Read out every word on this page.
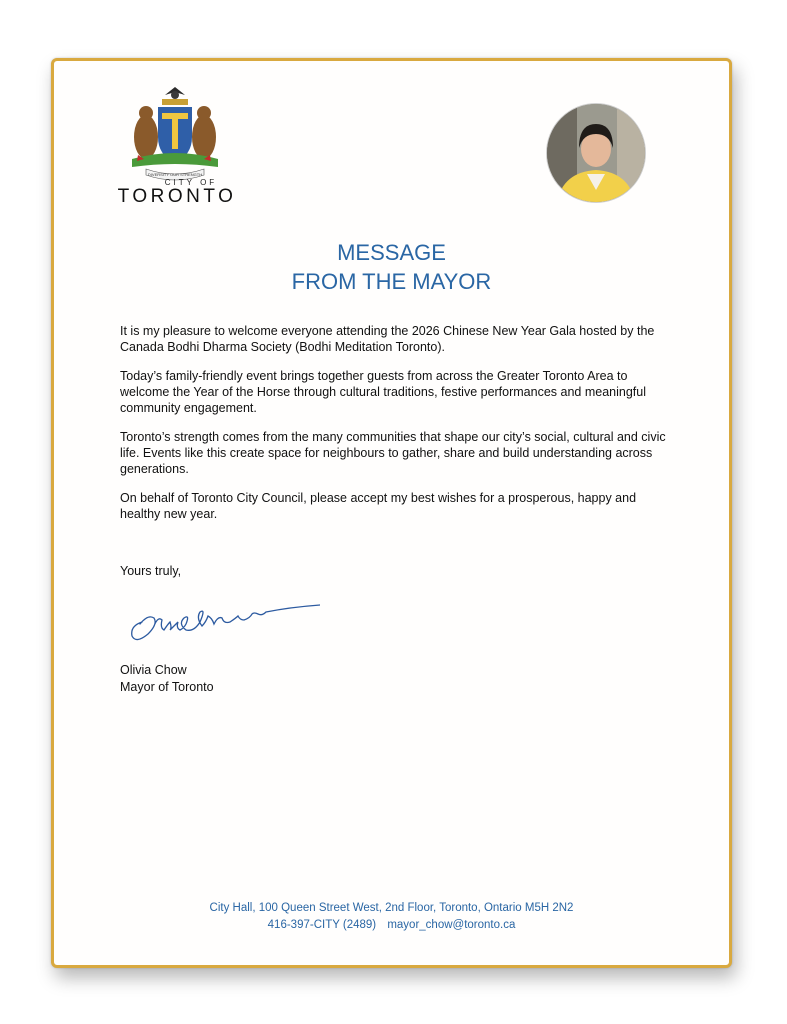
DIVERSITY OUR STRENGTH
CITY OF
TORONTO
MESSAGE
FROM THE MAYOR

It is my pleasure to welcome everyone attending the 2026 Chinese New Year Gala hosted by the Canada Bodhi Dharma Society (Bodhi Meditation Toronto).

Today’s family-friendly event brings together guests from across the Greater Toronto Area to welcome the Year of the Horse through cultural traditions, festive performances and meaningful community engagement.

Toronto’s strength comes from the many communities that shape our city’s social, cultural and civic life. Events like this create space for neighbours to gather, share and build understanding across generations.

On behalf of Toronto City Council, please accept my best wishes for a prosperous, happy and healthy new year.

Yours truly,
Olivia Chow
Mayor of Toronto
City Hall, 100 Queen Street West, 2nd Floor, Toronto, Ontario M5H 2N2
416-397-CITY (2489) mayor_chow@toronto.ca
